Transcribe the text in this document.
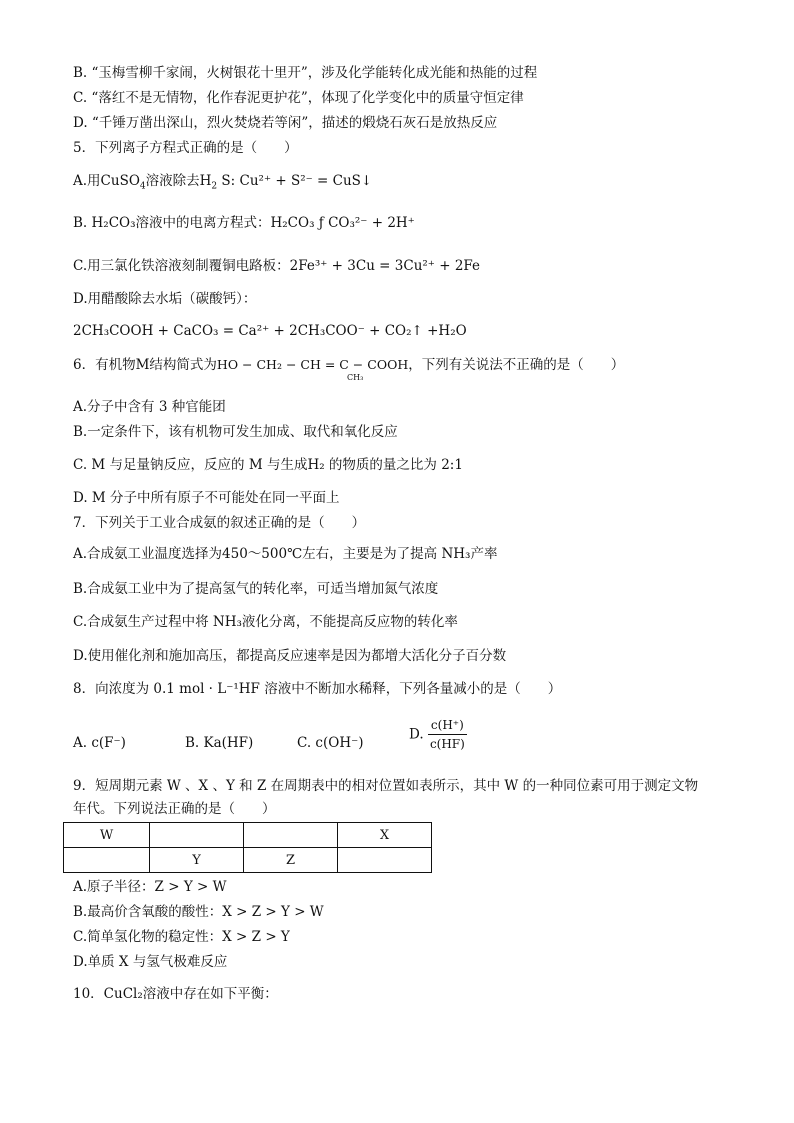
B. “玉梅雪柳千家闹，火树银花十里开”，涉及化学能转化成光能和热能的过程
C. “落红不是无情物，化作春泥更护花”，体现了化学变化中的质量守恒定律
D. “千锤万凿出深山，烈火焚烧若等闲”，描述的煅烧石灰石是放热反应
5．下列离子方程式正确的是（　　）
A.用CuSO$_4$溶液除去$H_2$ S: Cu²⁺ + S²⁻ = CuS↓
B. H₂CO₃溶液中的电离方程式：H₂CO₃ ƒ CO₃²⁻ + 2H⁺
C.用三氯化铁溶液刻制覆铜电路板：2Fe³⁺ + 3Cu = 3Cu²⁺ + 2Fe
D.用醋酸除去水垢（碳酸钙）：
2CH₃COOH + CaCO₃ = Ca²⁺ + 2CH₃COO⁻ + CO₂↑ +H₂O
6．有机物M结构简式为HO − CH₂ − CH = C − COOH，下列有关说法不正确的是（　　）
CH₃
A.分子中含有 3 种官能团
B.一定条件下，该有机物可发生加成、取代和氧化反应
C. M 与足量钠反应，反应的 M 与生成H₂ 的物质的量之比为 2:1
D. M 分子中所有原子不可能处在同一平面上
7．下列关于工业合成氨的叙述正确的是（　　）
A.合成氨工业温度选择为450～500℃左右，主要是为了提高 NH₃产率
B.合成氨工业中为了提高氢气的转化率，可适当增加氮气浓度
C.合成氨生产过程中将 NH₃液化分离，不能提高反应物的转化率
D.使用催化剂和施加高压，都提高反应速率是因为都增大活化分子百分数
8．向浓度为 0.1 mol · L⁻¹HF 溶液中不断加水稀释，下列各量减小的是（　　）
A. c(F⁻)	B. Ka(HF)	C. c(OH⁻)
D. $\frac{c(H^+)}{c(HF)}$
9．短周期元素 W 、X 、Y 和 Z 在周期表中的相对位置如表所示，其中 W 的一种同位素可用于测定文物
年代。下列说法正确的是（　　）
W			X
	Y	Z	
A.原子半径：Z > Y > W
B.最高价含氧酸的酸性：X > Z > Y > W
C.简单氢化物的稳定性：X > Z > Y
D.单质 X 与氢气极难反应
10．CuCl₂溶液中存在如下平衡：
